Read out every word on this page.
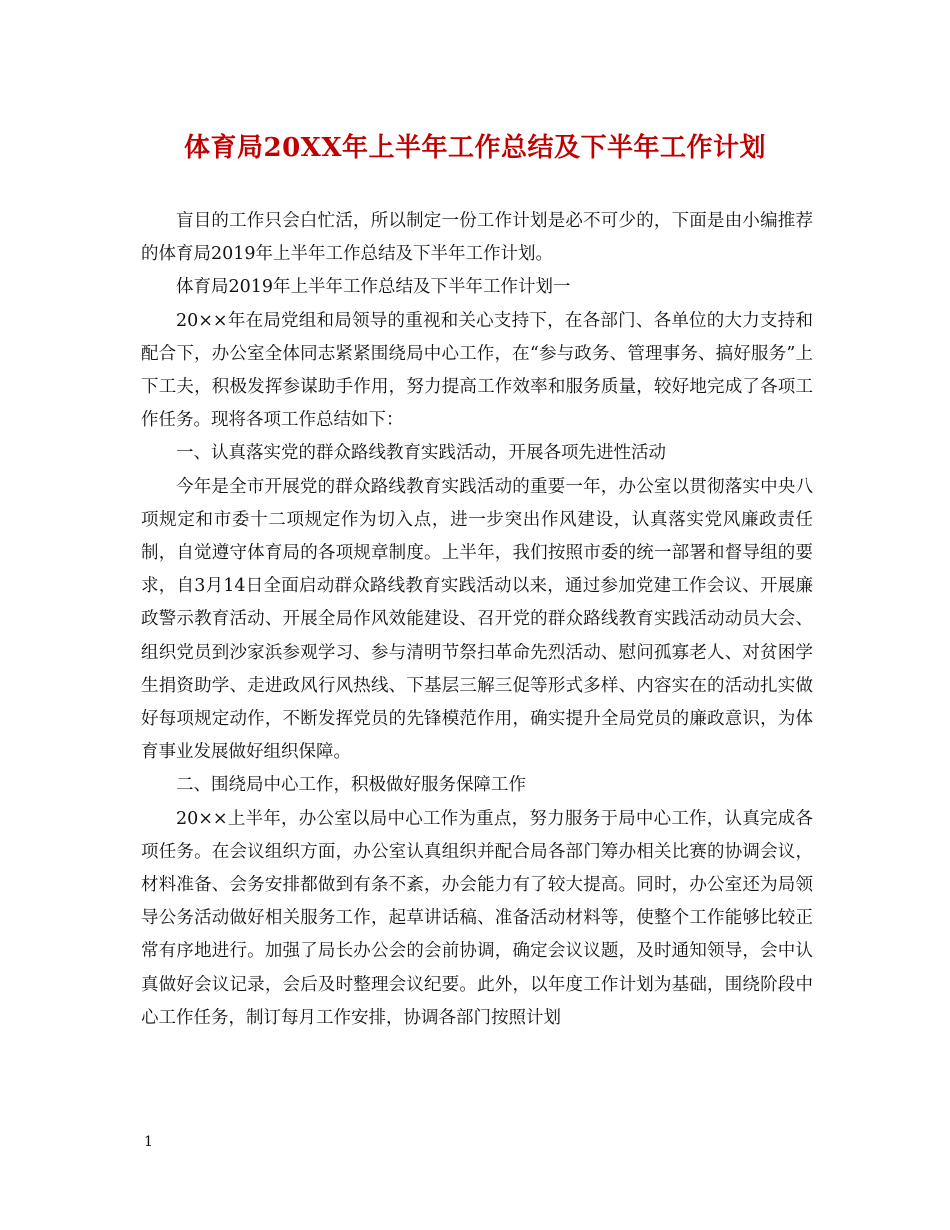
体育局20XX年上半年工作总结及下半年工作计划

盲目的工作只会白忙活，所以制定一份工作计划是必不可少的，下面是由小编推荐的体育局2019年上半年工作总结及下半年工作计划。

体育局2019年上半年工作总结及下半年工作计划一

20××年在局党组和局领导的重视和关心支持下，在各部门、各单位的大力支持和配合下，办公室全体同志紧紧围绕局中心工作，在“参与政务、管理事务、搞好服务”上下工夫，积极发挥参谋助手作用，努力提高工作效率和服务质量，较好地完成了各项工作任务。现将各项工作总结如下：

一、认真落实党的群众路线教育实践活动，开展各项先进性活动

今年是全市开展党的群众路线教育实践活动的重要一年，办公室以贯彻落实中央八项规定和市委十二项规定作为切入点，进一步突出作风建设，认真落实党风廉政责任制，自觉遵守体育局的各项规章制度。上半年，我们按照市委的统一部署和督导组的要求，自3月14日全面启动群众路线教育实践活动以来，通过参加党建工作会议、开展廉政警示教育活动、开展全局作风效能建设、召开党的群众路线教育实践活动动员大会、组织党员到沙家浜参观学习、参与清明节祭扫革命先烈活动、慰问孤寡老人、对贫困学生捐资助学、走进政风行风热线、下基层三解三促等形式多样、内容实在的活动扎实做好每项规定动作，不断发挥党员的先锋模范作用，确实提升全局党员的廉政意识，为体育事业发展做好组织保障。

二、围绕局中心工作，积极做好服务保障工作

20××上半年，办公室以局中心工作为重点，努力服务于局中心工作，认真完成各项任务。在会议组织方面，办公室认真组织并配合局各部门筹办相关比赛的协调会议，材料准备、会务安排都做到有条不紊，办会能力有了较大提高。同时，办公室还为局领导公务活动做好相关服务工作，起草讲话稿、准备活动材料等，使整个工作能够比较正常有序地进行。加强了局长办公会的会前协调，确定会议议题，及时通知领导，会中认真做好会议记录，会后及时整理会议纪要。此外，以年度工作计划为基础，围绕阶段中心工作任务，制订每月工作安排，协调各部门按照计划

1
